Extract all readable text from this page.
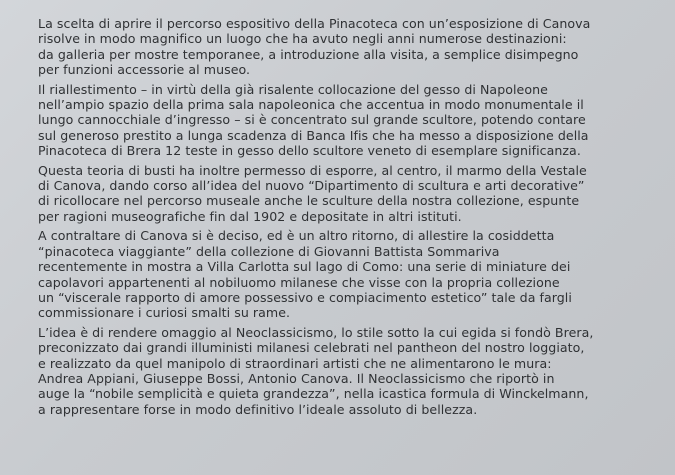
La scelta di aprire il percorso espositivo della Pinacoteca con un’esposizione di Canova
risolve in modo magnifico un luogo che ha avuto negli anni numerose destinazioni:
da galleria per mostre temporanee, a introduzione alla visita, a semplice disimpegno
per funzioni accessorie al museo.
Il riallestimento – in virtù della già risalente collocazione del gesso di Napoleone
nell’ampio spazio della prima sala napoleonica che accentua in modo monumentale il
lungo cannocchiale d’ingresso – si è concentrato sul grande scultore, potendo contare
sul generoso prestito a lunga scadenza di Banca Ifis che ha messo a disposizione della
Pinacoteca di Brera 12 teste in gesso dello scultore veneto di esemplare significanza.
Questa teoria di busti ha inoltre permesso di esporre, al centro, il marmo della Vestale
di Canova, dando corso all’idea del nuovo “Dipartimento di scultura e arti decorative”
di ricollocare nel percorso museale anche le sculture della nostra collezione, espunte
per ragioni museografiche fin dal 1902 e depositate in altri istituti.
A contraltare di Canova si è deciso, ed è un altro ritorno, di allestire la cosiddetta
“pinacoteca viaggiante” della collezione di Giovanni Battista Sommariva
recentemente in mostra a Villa Carlotta sul lago di Como: una serie di miniature dei
capolavori appartenenti al nobiluomo milanese che visse con la propria collezione
un “viscerale rapporto di amore possessivo e compiacimento estetico” tale da fargli
commissionare i curiosi smalti su rame.
L’idea è di rendere omaggio al Neoclassicismo, lo stile sotto la cui egida si fondò Brera,
preconizzato dai grandi illuministi milanesi celebrati nel pantheon del nostro loggiato,
e realizzato da quel manipolo di straordinari artisti che ne alimentarono le mura:
Andrea Appiani, Giuseppe Bossi, Antonio Canova. Il Neoclassicismo che riportò in
auge la “nobile semplicità e quieta grandezza”, nella icastica formula di Winckelmann,
a rappresentare forse in modo definitivo l’ideale assoluto di bellezza.
